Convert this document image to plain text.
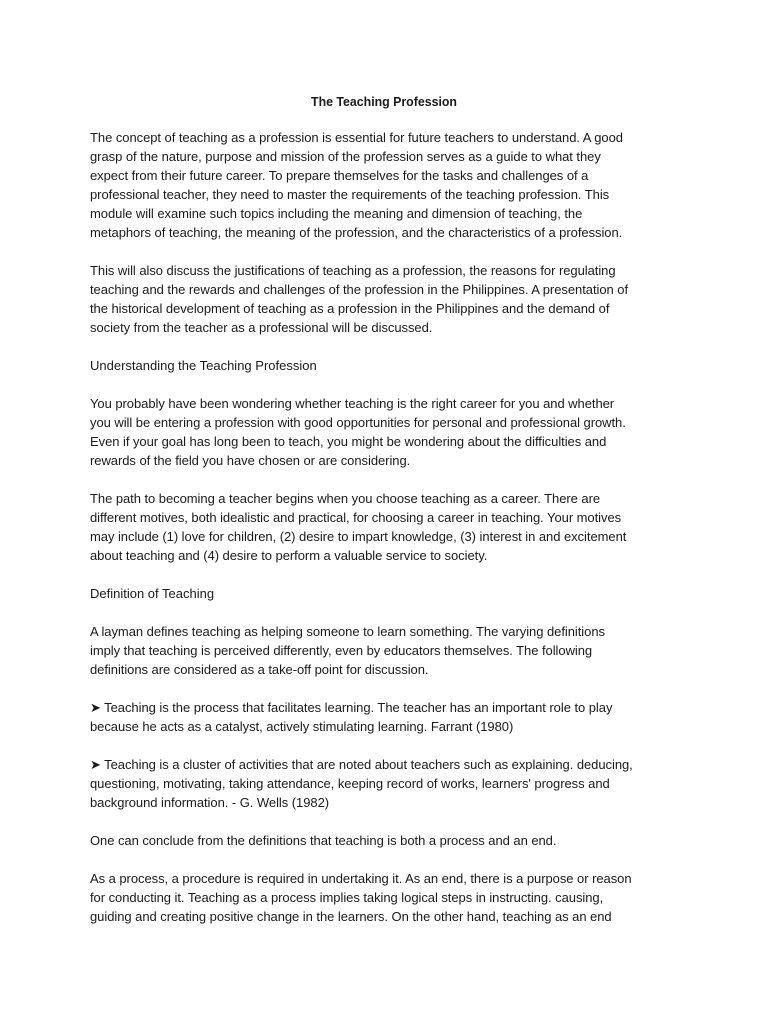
The Teaching Profession
The concept of teaching as a profession is essential for future teachers to understand. A good
grasp of the nature, purpose and mission of the profession serves as a guide to what they
expect from their future career. To prepare themselves for the tasks and challenges of a
professional teacher, they need to master the requirements of the teaching profession. This
module will examine such topics including the meaning and dimension of teaching, the
metaphors of teaching, the meaning of the profession, and the characteristics of a profession.
This will also discuss the justifications of teaching as a profession, the reasons for regulating
teaching and the rewards and challenges of the profession in the Philippines. A presentation of
the historical development of teaching as a profession in the Philippines and the demand of
society from the teacher as a professional will be discussed.
Understanding the Teaching Profession
You probably have been wondering whether teaching is the right career for you and whether
you will be entering a profession with good opportunities for personal and professional growth.
Even if your goal has long been to teach, you might be wondering about the difficulties and
rewards of the field you have chosen or are considering.
The path to becoming a teacher begins when you choose teaching as a career. There are
different motives, both idealistic and practical, for choosing a career in teaching. Your motives
may include (1) love for children, (2) desire to impart knowledge, (3) interest in and excitement
about teaching and (4) desire to perform a valuable service to society.
Definition of Teaching
A layman defines teaching as helping someone to learn something. The varying definitions
imply that teaching is perceived differently, even by educators themselves. The following
definitions are considered as a take-off point for discussion.
➤ Teaching is the process that facilitates learning. The teacher has an important role to play
because he acts as a catalyst, actively stimulating learning. Farrant (1980)
➤ Teaching is a cluster of activities that are noted about teachers such as explaining. deducing,
questioning, motivating, taking attendance, keeping record of works, learners' progress and
background information. - G. Wells (1982)
One can conclude from the definitions that teaching is both a process and an end.
As a process, a procedure is required in undertaking it. As an end, there is a purpose or reason
for conducting it. Teaching as a process implies taking logical steps in instructing. causing,
guiding and creating positive change in the learners. On the other hand, teaching as an end
